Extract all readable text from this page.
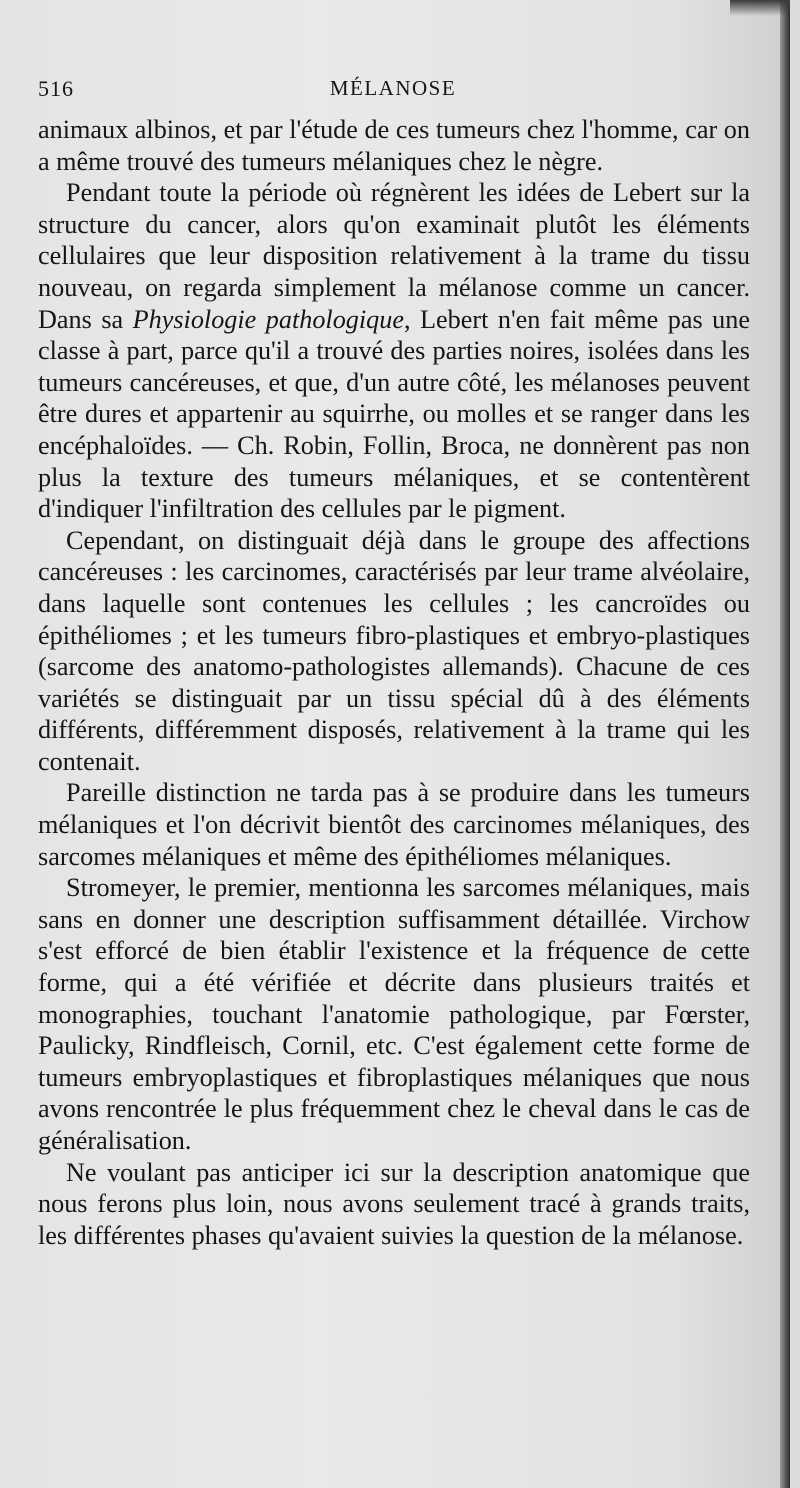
516	MÉLANOSE

animaux albinos, et par l'étude de ces tumeurs chez l'homme, car on a même trouvé des tumeurs mélaniques chez le nègre.

Pendant toute la période où régnèrent les idées de Lebert sur la structure du cancer, alors qu'on examinait plutôt les éléments cellulaires que leur disposition relativement à la trame du tissu nouveau, on regarda simplement la mélanose comme un cancer. Dans sa Physiologie pathologique, Lebert n'en fait même pas une classe à part, parce qu'il a trouvé des parties noires, isolées dans les tumeurs cancéreuses, et que, d'un autre côté, les mélanoses peuvent être dures et appartenir au squirrhe, ou molles et se ranger dans les encéphaloïdes. — Ch. Robin, Follin, Broca, ne donnèrent pas non plus la texture des tumeurs mélaniques, et se contentèrent d'indiquer l'infiltration des cellules par le pigment.

Cependant, on distinguait déjà dans le groupe des affections cancéreuses : les carcinomes, caractérisés par leur trame alvéolaire, dans laquelle sont contenues les cellules ; les cancroïdes ou épithéliomes ; et les tumeurs fibro-plastiques et embryo-plastiques (sarcome des anatomo-pathologistes allemands). Chacune de ces variétés se distinguait par un tissu spécial dû à des éléments différents, différemment disposés, relativement à la trame qui les contenait.

Pareille distinction ne tarda pas à se produire dans les tumeurs mélaniques et l'on décrivit bientôt des carcinomes mélaniques, des sarcomes mélaniques et même des épithéliomes mélaniques.

Stromeyer, le premier, mentionna les sarcomes mélaniques, mais sans en donner une description suffisamment détaillée. Virchow s'est efforcé de bien établir l'existence et la fréquence de cette forme, qui a été vérifiée et décrite dans plusieurs traités et monographies, touchant l'anatomie pathologique, par Fœrster, Paulicky, Rindfleisch, Cornil, etc. C'est également cette forme de tumeurs embryoplastiques et fibroplastiques mélaniques que nous avons rencontrée le plus fréquemment chez le cheval dans le cas de généralisation.

Ne voulant pas anticiper ici sur la description anatomique que nous ferons plus loin, nous avons seulement tracé à grands traits, les différentes phases qu'avaient suivies la question de la mélanose.
